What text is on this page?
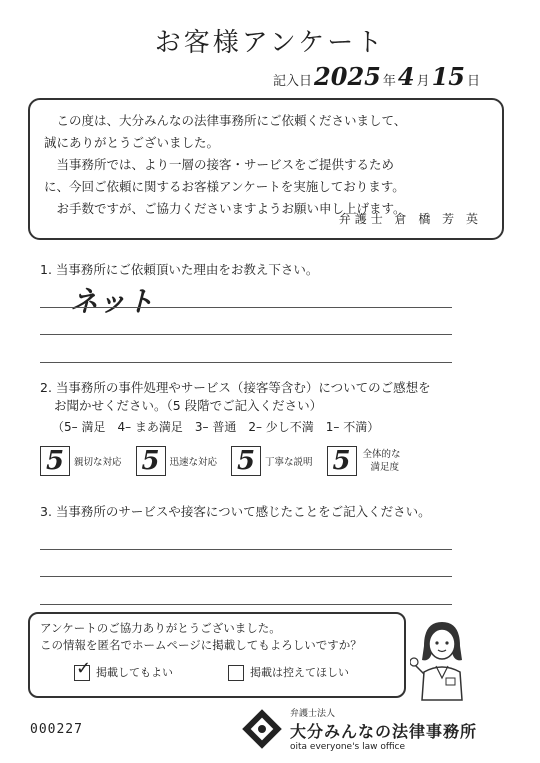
お客様アンケート
記入日 2025 年 4 月 15 日

この度は、大分みんなの法律事務所にご依頼くださいまして、

誠にありがとうございました。

当事務所では、より一層の接客・サービスをご提供するため

に、今回ご依頼に関するお客様アンケートを実施しております。

お手数ですが、ご協力くださいますようお願い申し上げます。

弁護士 倉 橋 芳 英
1. 当事務所にご依頼頂いた理由をお教え下さい。
ネット
2. 当事務所の事件処理やサービス（接客等含む）についてのご感想を
お聞かせください。（5 段階でご記入ください）
（5– 満足　4– まあ満足　3– 普通　2– 少し不満　1– 不満）
5 親切な対応 5 迅速な対応 5 丁寧な説明 5 全体的な
満足度
3. 当事務所のサービスや接客について感じたことをご記入ください。

アンケートのご協力ありがとうございました。

この情報を匿名でホームページに掲載してもよろしいですか？

✓ 掲載してもよい	掲載は控えてほしい
000227
弁護士法人
大分みんなの法律事務所
oita everyone's law office
